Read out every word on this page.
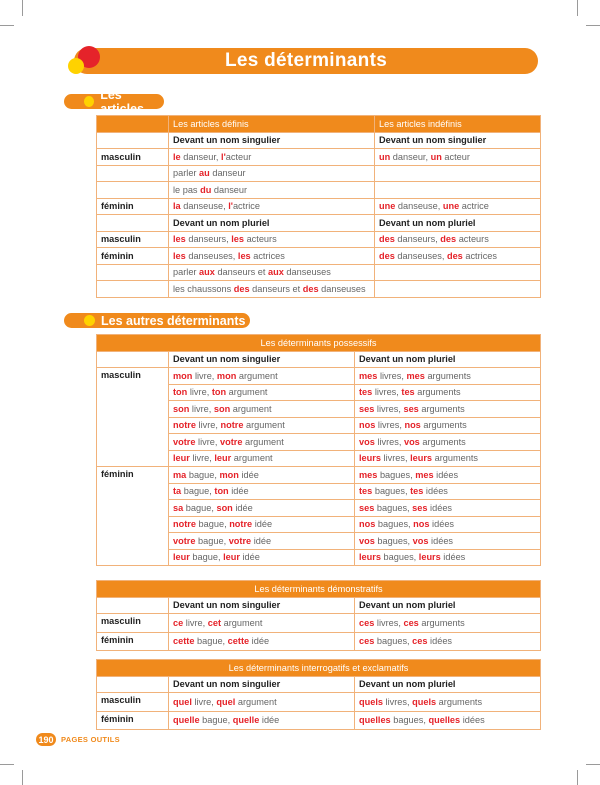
Les déterminants
Les articles
	Les articles définis	Les articles indéfinis
	Devant un nom singulier	Devant un nom singulier
masculin	le danseur, l'acteur	un danseur, un acteur
	parler au danseur	
	le pas du danseur	
féminin	la danseuse, l'actrice	une danseuse, une actrice
	Devant un nom pluriel	Devant un nom pluriel
masculin	les danseurs, les acteurs	des danseurs, des acteurs
féminin	les danseuses, les actrices	des danseuses, des actrices
	parler aux danseurs et aux danseuses	
	les chaussons des danseurs et des danseuses	
Les autres déterminants
Les déterminants possessifs		
	Devant un nom singulier	Devant un nom pluriel
masculin	mon livre, mon argument	mes livres, mes arguments
	ton livre, ton argument	tes livres, tes arguments
	son livre, son argument	ses livres, ses arguments
	notre livre, notre argument	nos livres, nos arguments
	votre livre, votre argument	vos livres, vos arguments
	leur livre, leur argument	leurs livres, leurs arguments
féminin	ma bague, mon idée	mes bagues, mes idées
	ta bague, ton idée	tes bagues, tes idées
	sa bague, son idée	ses bagues, ses idées
	notre bague, notre idée	nos bagues, nos idées
	votre bague, votre idée	vos bagues, vos idées
	leur bague, leur idée	leurs bagues, leurs idées
Les déterminants démonstratifs		
	Devant un nom singulier	Devant un nom pluriel
masculin	ce livre, cet argument	ces livres, ces arguments
féminin	cette bague, cette idée	ces bagues, ces idées
Les déterminants interrogatifs et exclamatifs		
	Devant un nom singulier	Devant un nom pluriel
masculin	quel livre, quel argument	quels livres, quels arguments
féminin	quelle bague, quelle idée	quelles bagues, quelles idées
190 PAGES OUTILS
